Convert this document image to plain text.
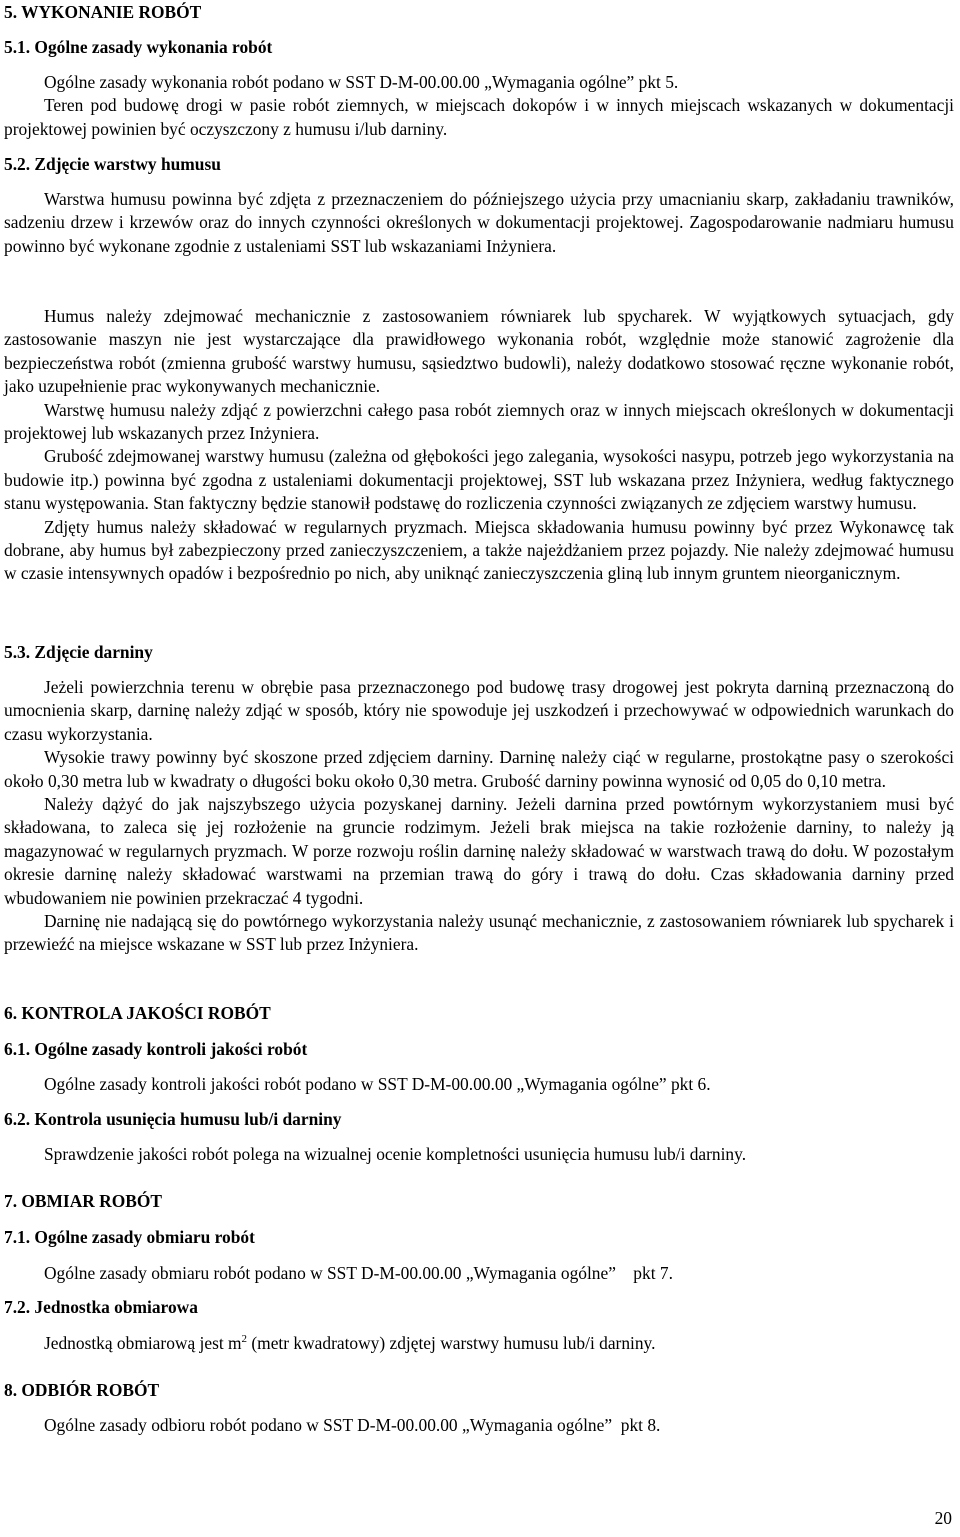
5. WYKONANIE ROBÓT
5.1. Ogólne zasady wykonania robót

Ogólne zasady wykonania robót podano w SST D-M-00.00.00 „Wymagania ogólne” pkt 5.

Teren pod budowę drogi w pasie robót ziemnych, w miejscach dokopów i w innych miejscach wskazanych w dokumentacji projektowej powinien być oczyszczony z humusu i/lub darniny.

5.2. Zdjęcie warstwy humusu

Warstwa humusu powinna być zdjęta z przeznaczeniem do późniejszego użycia przy umacnianiu skarp, zakładaniu trawników, sadzeniu drzew i krzewów oraz do innych czynności określonych w dokumentacji projektowej. Zagospodarowanie nadmiaru humusu powinno być wykonane zgodnie z ustaleniami SST lub wskazaniami Inżyniera.

Humus należy zdejmować mechanicznie z zastosowaniem równiarek lub spycharek. W wyjątkowych sytuacjach, gdy zastosowanie maszyn nie jest wystarczające dla prawidłowego wykonania robót, względnie może stanowić zagrożenie dla bezpieczeństwa robót (zmienna grubość warstwy humusu, sąsiedztwo budowli), należy dodatkowo stosować ręczne wykonanie robót, jako uzupełnienie prac wykonywanych mechanicznie.

Warstwę humusu należy zdjąć z powierzchni całego pasa robót ziemnych oraz w innych miejscach określonych w dokumentacji projektowej lub wskazanych przez Inżyniera.

Grubość zdejmowanej warstwy humusu (zależna od głębokości jego zalegania, wysokości nasypu, potrzeb jego wykorzystania na budowie itp.) powinna być zgodna z ustaleniami dokumentacji projektowej, SST lub wskazana przez Inżyniera, według faktycznego stanu występowania. Stan faktyczny będzie stanowił podstawę do rozliczenia czynności związanych ze zdjęciem warstwy humusu.

Zdjęty humus należy składować w regularnych pryzmach. Miejsca składowania humusu powinny być przez Wykonawcę tak dobrane, aby humus był zabezpieczony przed zanieczyszczeniem, a także najeżdżaniem przez pojazdy. Nie należy zdejmować humusu w czasie intensywnych opadów i bezpośrednio po nich, aby uniknąć zanieczyszczenia gliną lub innym gruntem nieorganicznym.

5.3. Zdjęcie darniny

Jeżeli powierzchnia terenu w obrębie pasa przeznaczonego pod budowę trasy drogowej jest pokryta darniną przeznaczoną do umocnienia skarp, darninę należy zdjąć w sposób, który nie spowoduje jej uszkodzeń i przechowywać w odpowiednich warunkach do czasu wykorzystania.

Wysokie trawy powinny być skoszone przed zdjęciem darniny. Darninę należy ciąć w regularne, prostokątne pasy o szerokości około 0,30 metra lub w kwadraty o długości boku około 0,30 metra. Grubość darniny powinna wynosić od 0,05 do 0,10 metra.

Należy dążyć do jak najszybszego użycia pozyskanej darniny. Jeżeli darnina przed powtórnym wykorzystaniem musi być składowana, to zaleca się jej rozłożenie na gruncie rodzimym. Jeżeli brak miejsca na takie rozłożenie darniny, to należy ją magazynować w regularnych pryzmach. W porze rozwoju roślin darninę należy składować w warstwach trawą do dołu. W pozostałym okresie darninę należy składować warstwami na przemian trawą do góry i trawą do dołu. Czas składowania darniny przed wbudowaniem nie powinien przekraczać 4 tygodni.

Darninę nie nadającą się do powtórnego wykorzystania należy usunąć mechanicznie, z zastosowaniem równiarek lub spycharek i przewieźć na miejsce wskazane w SST lub przez Inżyniera.

6. KONTROLA JAKOŚCI ROBÓT
6.1. Ogólne zasady kontroli jakości robót

Ogólne zasady kontroli jakości robót podano w SST D-M-00.00.00 „Wymagania ogólne” pkt 6.

6.2. Kontrola usunięcia humusu lub/i darniny

Sprawdzenie jakości robót polega na wizualnej ocenie kompletności usunięcia humusu lub/i darniny.

7. OBMIAR ROBÓT
7.1. Ogólne zasady obmiaru robót

Ogólne zasady obmiaru robót podano w SST D-M-00.00.00 „Wymagania ogólne”    pkt 7.

7.2. Jednostka obmiarowa

Jednostką obmiarową jest $m^2$ (metr kwadratowy) zdjętej warstwy humusu lub/i darniny.

8. ODBIÓR ROBÓT

Ogólne zasady odbioru robót podano w SST D-M-00.00.00 „Wymagania ogólne”  pkt 8.

20
